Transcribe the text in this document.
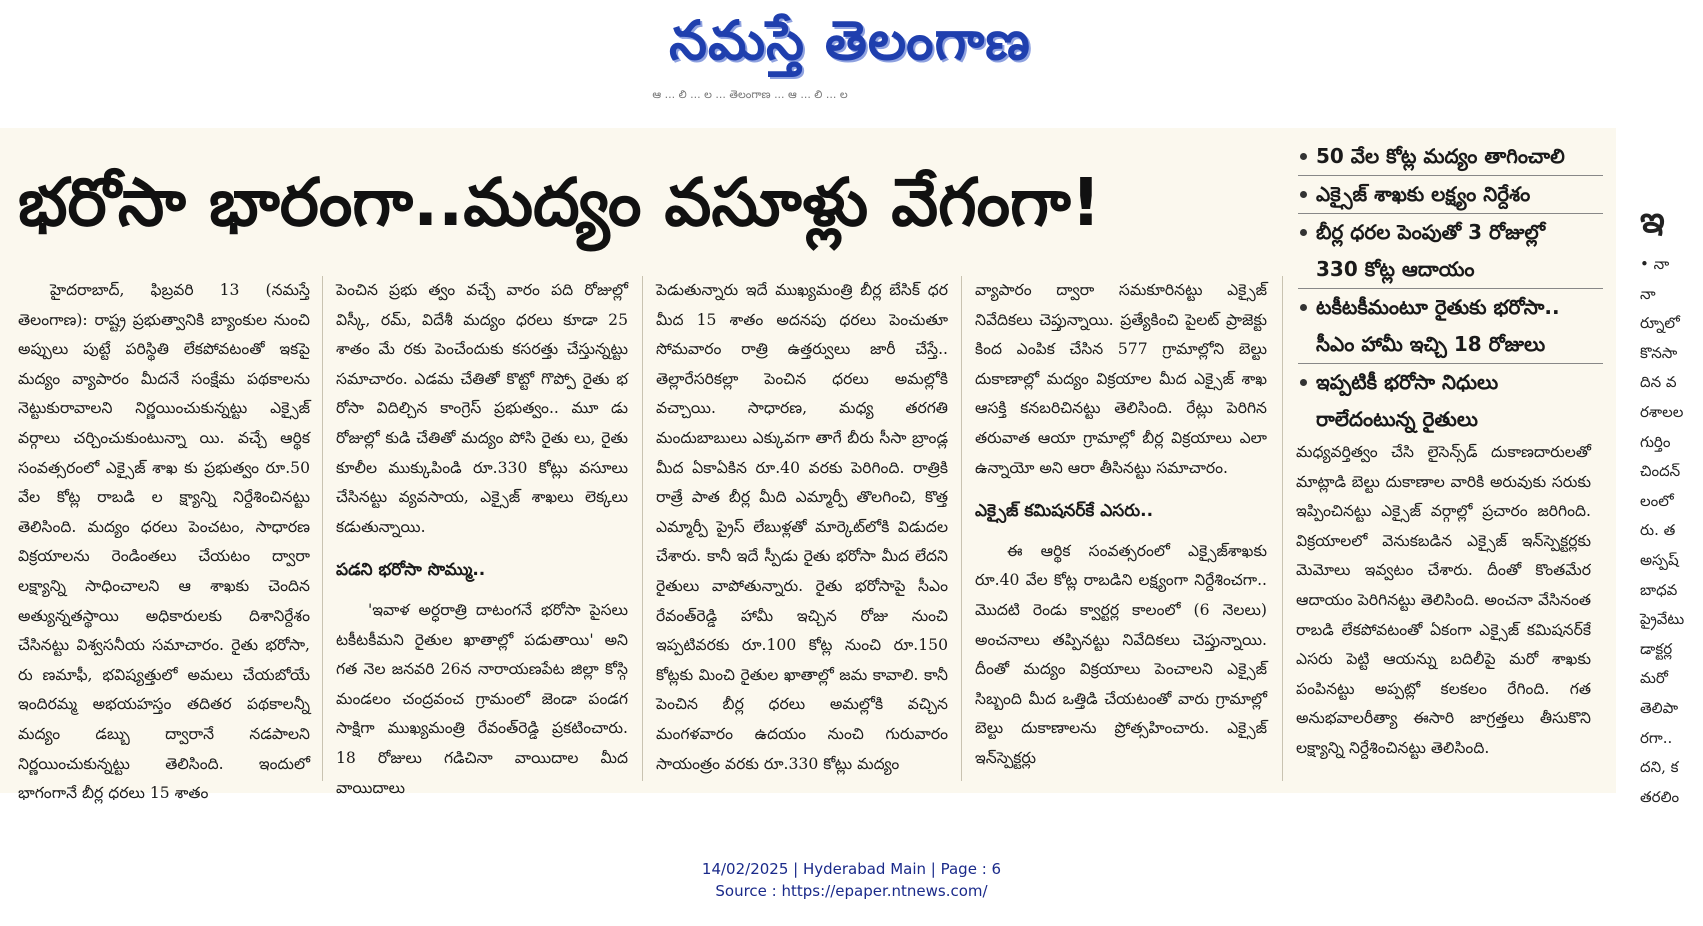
నమస్తే తెలంగాణ
ఆ ... లి ... ల ... తెలంగాణ ... ఆ ... లి ... ల
భరోసా భారంగా..మద్యం వసూళ్లు వేగంగా!
50 వేల కోట్ల మద్యం తాగించాలి
ఎక్సైజ్ శాఖకు లక్ష్యం నిర్దేశం
బీర్ల ధరల పెంపుతో 3 రోజుల్లో
330 కోట్ల ఆదాయం
టకీటకీమంటూ రైతుకు భరోసా..
సీఎం హామీ ఇచ్చి 18 రోజులు
ఇప్పటికీ భరోసా నిధులు
రాలేదంటున్న రైతులు

హైదరాబాద్, ఫిబ్రవరి 13 (నమస్తే తెలంగాణ): రాష్ట్ర ప్రభుత్వానికి బ్యాంకుల నుంచి అప్పులు పుట్టే పరిస్థితి లేకపోవటంతో ఇకపై మద్యం వ్యాపారం మీదనే సంక్షేమ పథకాలను నెట్టుకురావాలని నిర్ణయించుకున్నట్టు ఎక్సైజ్ వర్గాలు చర్చించుకుంటున్నా యి. వచ్చే ఆర్థిక సంవత్సరంలో ఎక్సైజ్ శాఖ కు ప్రభుత్వం రూ.50 వేల కోట్ల రాబడి ల క్ష్యాన్ని నిర్దేశించినట్టు తెలిసింది. మద్యం ధరలు పెంచటం, సాధారణ విక్రయాలను రెండింతలు చేయటం ద్వారా లక్ష్యాన్ని సాధించాలని ఆ శాఖకు చెందిన అత్యున్నతస్థాయి అధికారులకు దిశానిర్దేశం చేసినట్టు విశ్వసనీయ సమాచారం. రైతు భరోసా, రు ణమాఫీ, భవిష్యత్తులో అమలు చేయబోయే ఇందిరమ్మ అభయహస్తం తదితర పథకాలన్నీ మద్యం డబ్బు ద్వారానే నడపాలని నిర్ణయించుకున్నట్టు తెలిసింది. ఇందులో భాగంగానే బీర్ల ధరలు 15 శాతం

పెంచిన ప్రభు త్వం వచ్చే వారం పది రోజుల్లో విస్కీ, రమ్, విదేశీ మద్యం ధరలు కూడా 25 శాతం మే రకు పెంచేందుకు కసరత్తు చేస్తున్నట్టు సమాచారం. ఎడమ చేతితో కొట్టో గొప్పో రైతు భ రోసా విదిల్చిన కాంగ్రెస్ ప్రభుత్వం.. మూ డు రోజుల్లో కుడి చేతితో మద్యం పోసి రైతు లు, రైతు కూలీల ముక్కుపిండి రూ.330 కోట్లు వసూలు చేసినట్టు వ్యవసాయ, ఎక్సైజ్ శాఖలు లెక్కలు కడుతున్నాయి.

పడని భరోసా సొమ్ము..

'ఇవాళ అర్ధరాత్రి దాటంగనే భరోసా పైసలు టకీటకీమని రైతుల ఖాతాల్లో పడుతాయి' అని గత నెల జనవరి 26న నారాయణపేట జిల్లా కోస్గి మండలం చంద్రవంచ గ్రామంలో జెండా పండగ సాక్షిగా ముఖ్యమంత్రి రేవంత్‌రెడ్డి ప్రకటించారు. 18 రోజులు గడిచినా వాయిదాల మీద వాయిదాలు

పెడుతున్నారు ఇదే ముఖ్యమంత్రి బీర్ల బేసిక్ ధర మీద 15 శాతం అదనపు ధరలు పెంచుతూ సోమవారం రాత్రి ఉత్తర్వులు జారీ చేస్తే.. తెల్లారేసరికల్లా పెంచిన ధరలు అమల్లోకి వచ్చాయి. సాధారణ, మధ్య తరగతి మందుబాబులు ఎక్కువగా తాగే బీరు సీసా బ్రాండ్ల మీద ఏకాఏకిన రూ.40 వరకు పెరిగింది. రాత్రికి రాత్రే పాత బీర్ల మీది ఎమ్మార్పీ తొలగించి, కొత్త ఎమ్మార్పీ ప్రైస్ లేబుళ్లతో మార్కెట్‌లోకి విడుదల చేశారు. కానీ ఇదే స్పీడు రైతు భరోసా మీద లేదని రైతులు వాపోతున్నారు. రైతు భరోసాపై సీఎం రేవంత్‌రెడ్డి హామీ ఇచ్చిన రోజు నుంచి ఇప్పటివరకు రూ.100 కోట్ల నుంచి రూ.150 కోట్లకు మించి రైతుల ఖాతాల్లో జమ కావాలి. కానీ పెంచిన బీర్ల ధరలు అమల్లోకి వచ్చిన మంగళవారం ఉదయం నుంచి గురువారం సాయంత్రం వరకు రూ.330 కోట్లు మద్యం

వ్యాపారం ద్వారా సమకూరినట్టు ఎక్సైజ్ నివేదికలు చెప్తున్నాయి. ప్రత్యేకించి పైలట్ ప్రాజెక్టు కింద ఎంపిక చేసిన 577 గ్రామాల్లోని బెల్టు దుకాణాల్లో మద్యం విక్రయాల మీద ఎక్సైజ్ శాఖ ఆసక్తి కనబరిచినట్టు తెలిసింది. రేట్లు పెరిగిన తరువాత ఆయా గ్రామాల్లో బీర్ల విక్రయాలు ఎలా ఉన్నాయో అని ఆరా తీసినట్టు సమాచారం.

ఎక్సైజ్ కమిషనర్‌కే ఎసరు..

ఈ ఆర్థిక సంవత్సరంలో ఎక్సైజ్‌శాఖకు రూ.40 వేల కోట్ల రాబడిని లక్ష్యంగా నిర్దేశించగా.. మొదటి రెండు క్వార్టర్ల కాలంలో (6 నెలలు) అంచనాలు తప్పినట్టు నివేదికలు చెప్తున్నాయి. దీంతో మద్యం విక్రయాలు పెంచాలని ఎక్సైజ్ సిబ్బంది మీద ఒత్తిడి చేయటంతో వారు గ్రామాల్లో బెల్టు దుకాణాలను ప్రోత్సహించారు. ఎక్సైజ్ ఇన్‌స్పెక్టర్లు

మధ్యవర్తిత్వం చేసి లైసెన్స్‌డ్ దుకాణదారులతో మాట్లాడి బెల్టు దుకాణాల వారికి అరువుకు సరుకు ఇప్పించినట్టు ఎక్సైజ్ వర్గాల్లో ప్రచారం జరిగింది. విక్రయాలలో వెనుకబడిన ఎక్సైజ్ ఇన్‌స్పెక్టర్లకు మెమోలు ఇవ్వటం చేశారు. దీంతో కొంతమేర ఆదాయం పెరిగినట్టు తెలిసింది. అంచనా వేసినంత రాబడి లేకపోవటంతో ఏకంగా ఎక్సైజ్ కమిషనర్‌కే ఎసరు పెట్టి ఆయన్ను బదిలీపై మరో శాఖకు పంపినట్టు అప్పట్లో కలకలం రేగింది. గత అనుభవాలరీత్యా ఈసారి జాగ్రత్తలు తీసుకొని లక్ష్యాన్ని నిర్దేశించినట్టు తెలిసింది.

ఇ
• నా
నా
ర్నూలో
కొనసా
దిన వ
రశాలల
గుర్తిం
చిందన్
లంలో
రు. త
అస్పష్
బాధవ
ప్రైవేటు
డాక్టర్ల
మరో
తెలిపా
రగా..
దని, క
తరలిం
14/02/2025 | Hyderabad Main | Page : 6
Source : https://epaper.ntnews.com/
